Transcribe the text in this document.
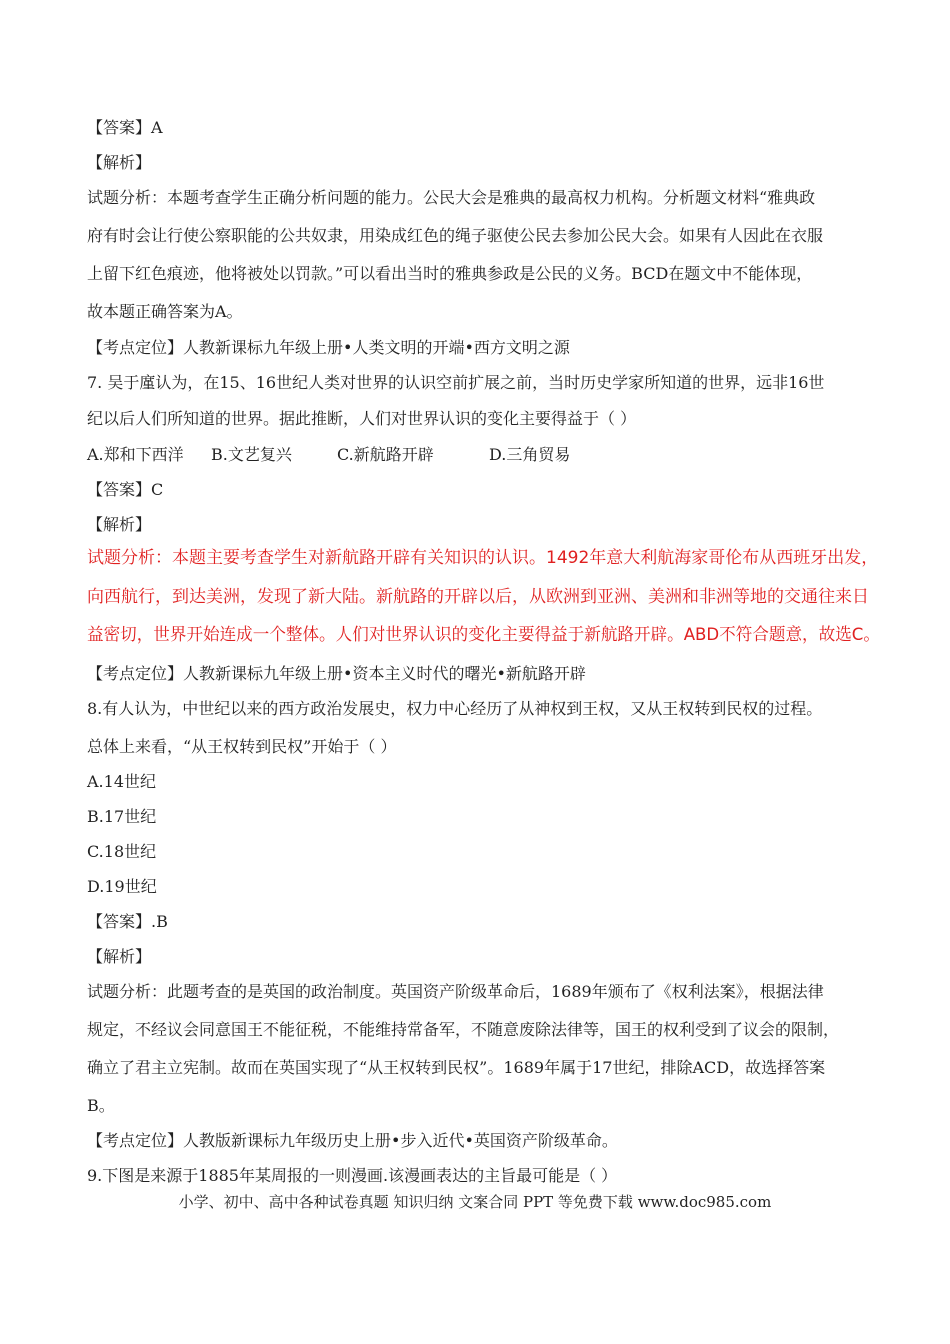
【答案】A
【解析】
试题分析：本题考查学生正确分析问题的能力。公民大会是雅典的最高权力机构。分析题文材料“雅典政
府有时会让行使公察职能的公共奴隶，用染成红色的绳子驱使公民去参加公民大会。如果有人因此在衣服
上留下红色痕迹，他将被处以罚款。”可以看出当时的雅典参政是公民的义务。BCD在题文中不能体现，
故本题正确答案为A。
【考点定位】人教新课标九年级上册•人类文明的开端•西方文明之源
7. 吴于廑认为，在15、16世纪人类对世界的认识空前扩展之前，当时历史学家所知道的世界，远非16世
纪以后人们所知道的世界。据此推断，人们对世界认识的变化主要得益于（ ）
A.郑和下西洋 B.文艺复兴	C.新航路开辟	D.三角贸易
【答案】C
【解析】
试题分析：本题主要考查学生对新航路开辟有关知识的认识。1492年意大利航海家哥伦布从西班牙出发，
向西航行，到达美洲，发现了新大陆。新航路的开辟以后，从欧洲到亚洲、美洲和非洲等地的交通往来日
益密切，世界开始连成一个整体。人们对世界认识的变化主要得益于新航路开辟。ABD不符合题意，故选C。
【考点定位】人教新课标九年级上册•资本主义时代的曙光•新航路开辟
8.有人认为，中世纪以来的西方政治发展史，权力中心经历了从神权到王权，又从王权转到民权的过程。
总体上来看，“从王权转到民权”开始于（ ）
A.14世纪
B.17世纪
C.18世纪
D.19世纪
【答案】.B
【解析】
试题分析：此题考查的是英国的政治制度。英国资产阶级革命后，1689年颁布了《权利法案》，根据法律
规定，不经议会同意国王不能征税，不能维持常备军，不随意废除法律等，国王的权利受到了议会的限制，
确立了君主立宪制。故而在英国实现了“从王权转到民权”。1689年属于17世纪，排除ACD，故选择答案
B。
【考点定位】人教版新课标九年级历史上册•步入近代•英国资产阶级革命。
9.下图是来源于1885年某周报的一则漫画.该漫画表达的主旨最可能是（ ）
小学、初中、高中各种试卷真题 知识归纳 文案合同 PPT 等免费下载 www.doc985.com
